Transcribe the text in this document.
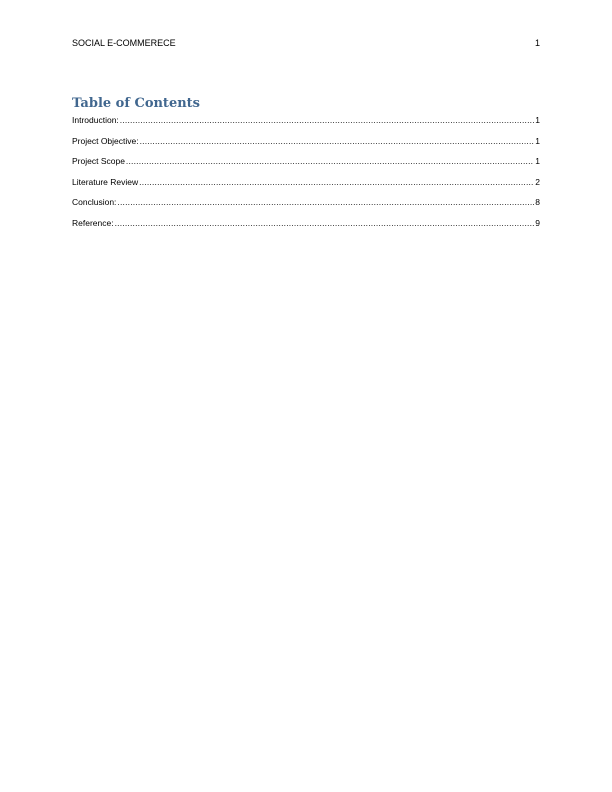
SOCIAL E-COMMERECE	1
Table of Contents
Introduction: .....	1
Project Objective: .....	1
Project Scope .....	1
Literature Review .....	2
Conclusion: .....	8
Reference: .....	9
